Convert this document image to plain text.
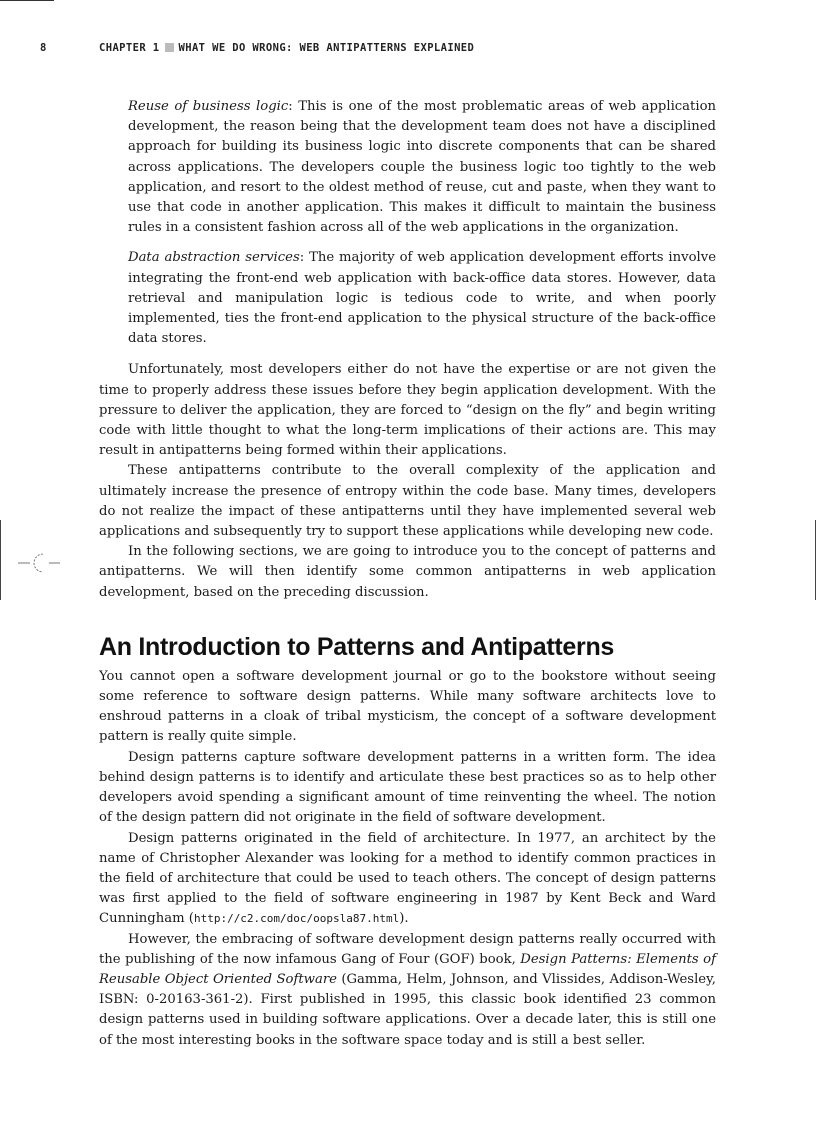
8	CHAPTER 1 WHAT WE DO WRONG: WEB ANTIPATTERNS EXPLAINED

Reuse of business logic: This is one of the most problematic areas of web application development, the reason being that the development team does not have a disciplined approach for building its business logic into discrete components that can be shared across applications. The developers couple the business logic too tightly to the web application, and resort to the oldest method of reuse, cut and paste, when they want to use that code in another application. This makes it difficult to maintain the business rules in a consistent fashion across all of the web applications in the organization.

Data abstraction services: The majority of web application development efforts involve integrating the front-end web application with back-office data stores. However, data retrieval and manipulation logic is tedious code to write, and when poorly implemented, ties the front-end application to the physical structure of the back-office data stores.

Unfortunately, most developers either do not have the expertise or are not given the time to properly address these issues before they begin application development. With the pressure to deliver the application, they are forced to “design on the fly” and begin writing code with little thought to what the long-term implications of their actions are. This may result in antipatterns being formed within their applications.

These antipatterns contribute to the overall complexity of the application and ultimately increase the presence of entropy within the code base. Many times, developers do not realize the impact of these antipatterns until they have implemented several web applications and subsequently try to support these applications while developing new code.

In the following sections, we are going to introduce you to the concept of patterns and antipatterns. We will then identify some common antipatterns in web application development, based on the preceding discussion.

An Introduction to Patterns and Antipatterns

You cannot open a software development journal or go to the bookstore without seeing some reference to software design patterns. While many software architects love to enshroud patterns in a cloak of tribal mysticism, the concept of a software development pattern is really quite simple.

Design patterns capture software development patterns in a written form. The idea behind design patterns is to identify and articulate these best practices so as to help other developers avoid spending a significant amount of time reinventing the wheel. The notion of the design pattern did not originate in the field of software development.

Design patterns originated in the field of architecture. In 1977, an architect by the name of Christopher Alexander was looking for a method to identify common practices in the field of architecture that could be used to teach others. The concept of design patterns was first applied to the field of software engineering in 1987 by Kent Beck and Ward Cunningham (http://c2.com/doc/oopsla87.html).

However, the embracing of software development design patterns really occurred with the publishing of the now infamous Gang of Four (GOF) book, Design Patterns: Elements of Reusable Object Oriented Software (Gamma, Helm, Johnson, and Vlissides, Addison-Wesley, ISBN: 0-20163-361-2). First published in 1995, this classic book identified 23 common design patterns used in building software applications. Over a decade later, this is still one of the most interesting books in the software space today and is still a best seller.
